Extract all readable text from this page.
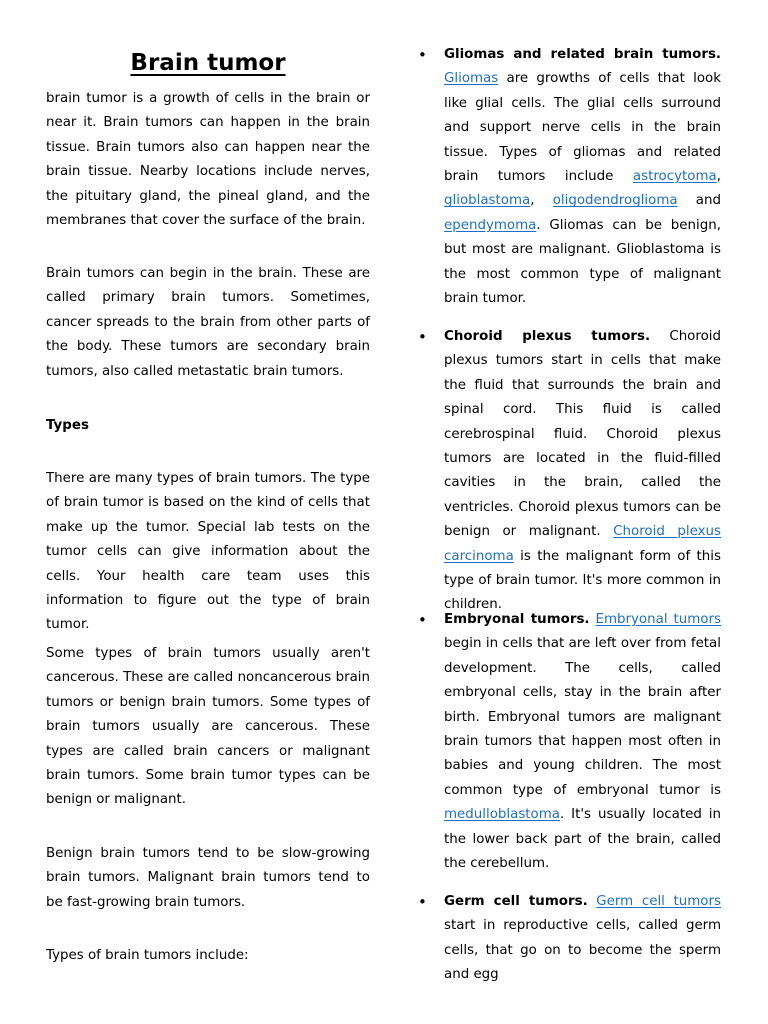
Brain tumor

brain tumor is a growth of cells in the brain or near it. Brain tumors can happen in the brain tissue. Brain tumors also can happen near the brain tissue. Nearby locations include nerves, the pituitary gland, the pineal gland, and the membranes that cover the surface of the brain.

Brain tumors can begin in the brain. These are called primary brain tumors. Sometimes, cancer spreads to the brain from other parts of the body. These tumors are secondary brain tumors, also called metastatic brain tumors.

Types

There are many types of brain tumors. The type of brain tumor is based on the kind of cells that make up the tumor. Special lab tests on the tumor cells can give information about the cells. Your health care team uses this information to figure out the type of brain tumor.

Some types of brain tumors usually aren't cancerous. These are called noncancerous brain tumors or benign brain tumors. Some types of brain tumors usually are cancerous. These types are called brain cancers or malignant brain tumors. Some brain tumor types can be benign or malignant.

Benign brain tumors tend to be slow-growing brain tumors. Malignant brain tumors tend to be fast-growing brain tumors.

Types of brain tumors include:

• Gliomas and related brain tumors. Gliomas are growths of cells that look like glial cells. The glial cells surround and support nerve cells in the brain tissue. Types of gliomas and related brain tumors include astrocytoma, glioblastoma, oligodendroglioma and ependymoma. Gliomas can be benign, but most are malignant. Glioblastoma is the most common type of malignant brain tumor.
• Choroid plexus tumors. Choroid plexus tumors start in cells that make the fluid that surrounds the brain and spinal cord. This fluid is called cerebrospinal fluid. Choroid plexus tumors are located in the fluid-filled cavities in the brain, called the ventricles. Choroid plexus tumors can be benign or malignant. Choroid plexus carcinoma is the malignant form of this type of brain tumor. It's more common in children.
• Embryonal tumors. Embryonal tumors begin in cells that are left over from fetal development. The cells, called embryonal cells, stay in the brain after birth. Embryonal tumors are malignant brain tumors that happen most often in babies and young children. The most common type of embryonal tumor is medulloblastoma. It's usually located in the lower back part of the brain, called the cerebellum.
• Germ cell tumors. Germ cell tumors start in reproductive cells, called germ cells, that go on to become the sperm and egg
